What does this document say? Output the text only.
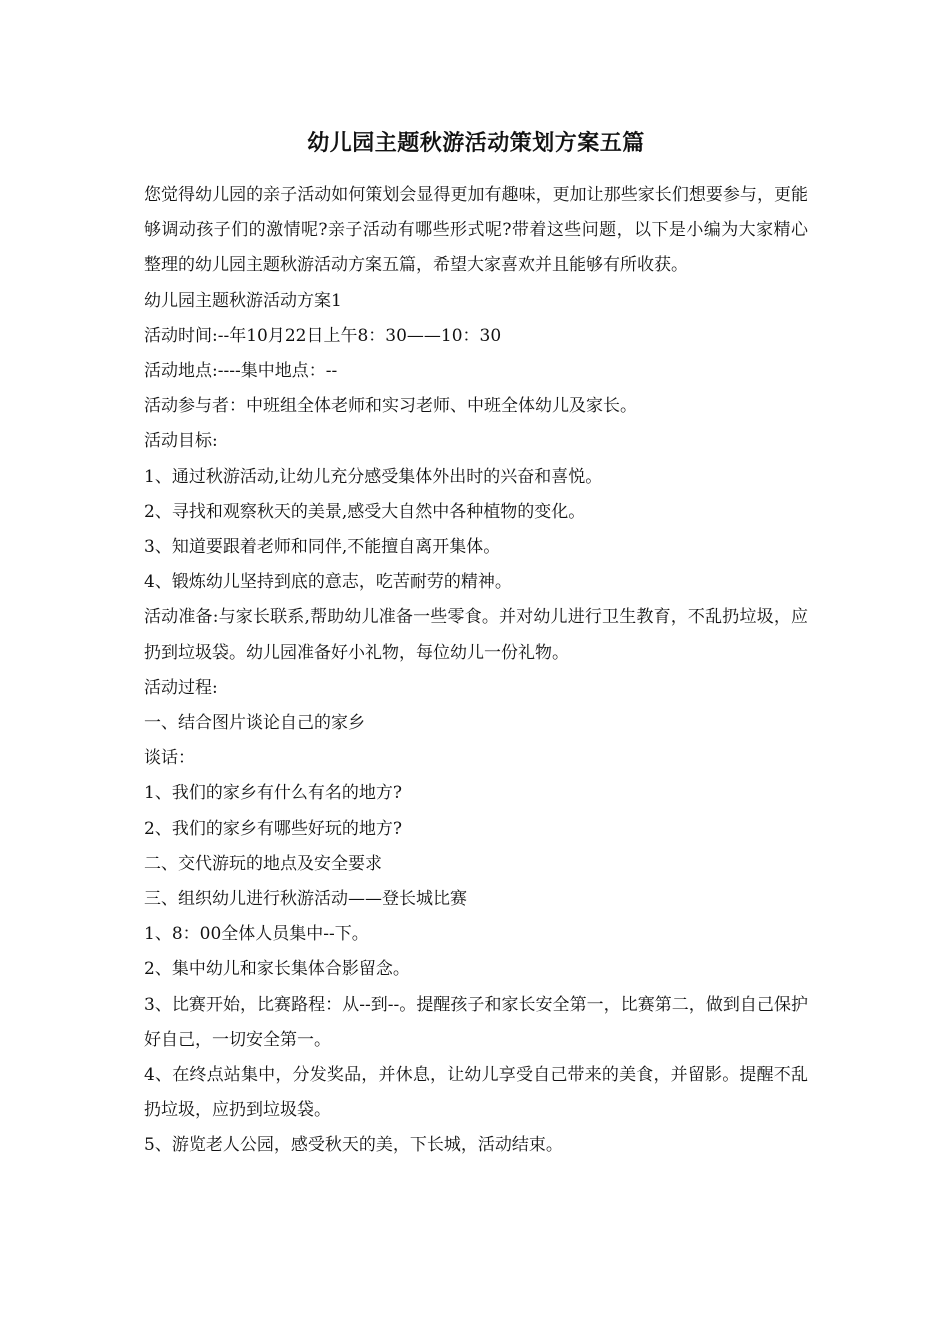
幼儿园主题秋游活动策划方案五篇

您觉得幼儿园的亲子活动如何策划会显得更加有趣味，更加让那些家长们想要参与，更能够调动孩子们的激情呢?亲子活动有哪些形式呢?带着这些问题，以下是小编为大家精心整理的幼儿园主题秋游活动方案五篇，希望大家喜欢并且能够有所收获。

幼儿园主题秋游活动方案1

活动时间:--年10月22日上午8：30——10：30

活动地点:----集中地点：--

活动参与者：中班组全体老师和实习老师、中班全体幼儿及家长。

活动目标:

1、通过秋游活动,让幼儿充分感受集体外出时的兴奋和喜悦。

2、寻找和观察秋天的美景,感受大自然中各种植物的变化。

3、知道要跟着老师和同伴,不能擅自离开集体。

4、锻炼幼儿坚持到底的意志，吃苦耐劳的精神。

活动准备:与家长联系,帮助幼儿准备一些零食。并对幼儿进行卫生教育，不乱扔垃圾，应扔到垃圾袋。幼儿园准备好小礼物，每位幼儿一份礼物。

活动过程:

一、结合图片谈论自己的家乡

谈话：

1、我们的家乡有什么有名的地方?

2、我们的家乡有哪些好玩的地方?

二、交代游玩的地点及安全要求

三、组织幼儿进行秋游活动——登长城比赛

1、8：00全体人员集中--下。

2、集中幼儿和家长集体合影留念。

3、比赛开始，比赛路程：从--到--。提醒孩子和家长安全第一，比赛第二，做到自己保护好自己，一切安全第一。

4、在终点站集中，分发奖品，并休息，让幼儿享受自己带来的美食，并留影。提醒不乱扔垃圾，应扔到垃圾袋。

5、游览老人公园，感受秋天的美，下长城，活动结束。
